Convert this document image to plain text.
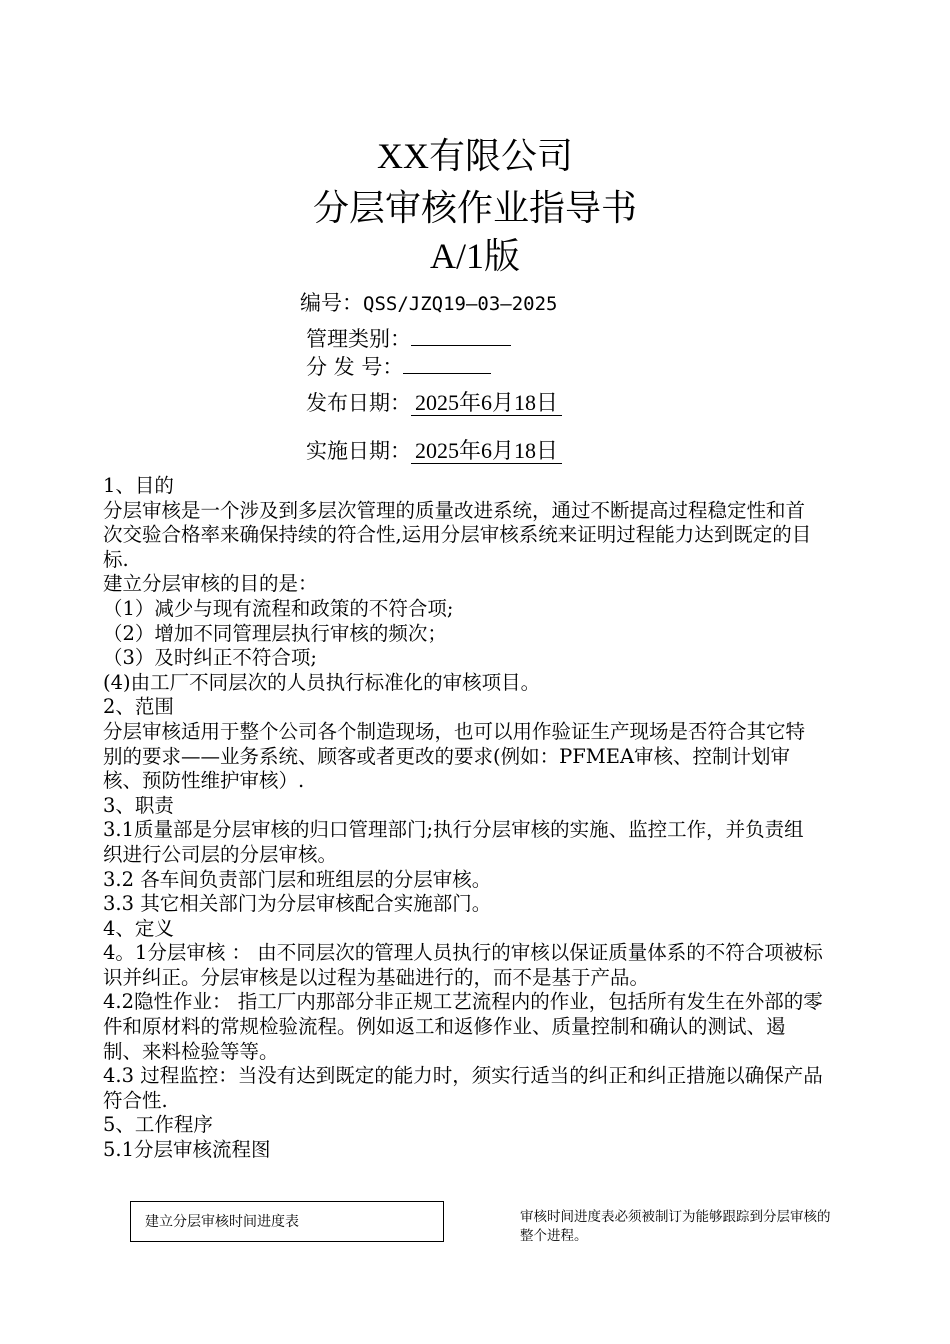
XX有限公司
分层审核作业指导书
A/1版
编号：QSS/JZQ19—03—2025
管理类别：
分 发 号：
发布日期： 2025年6月18日
实施日期： 2025年6月18日

1、目的

分层审核是一个涉及到多层次管理的质量改进系统，通过不断提高过程稳定性和首次交验合格率来确保持续的符合性,运用分层审核系统来证明过程能力达到既定的目标.

建立分层审核的目的是：

（1）减少与现有流程和政策的不符合项;

（2）增加不同管理层执行审核的频次；

（3）及时纠正不符合项;

(4)由工厂不同层次的人员执行标准化的审核项目。

2、范围

分层审核适用于整个公司各个制造现场，也可以用作验证生产现场是否符合其它特别的要求——业务系统、顾客或者更改的要求(例如：PFMEA审核、控制计划审核、预防性维护审核）.

3、职责

3.1质量部是分层审核的归口管理部门;执行分层审核的实施、监控工作，并负责组织进行公司层的分层审核。

3.2 各车间负责部门层和班组层的分层审核。

3.3 其它相关部门为分层审核配合实施部门。

4、定义

4。1分层审核 ： 由不同层次的管理人员执行的审核以保证质量体系的不符合项被标识并纠正。分层审核是以过程为基础进行的，而不是基于产品。

4.2隐性作业： 指工厂内那部分非正规工艺流程内的作业，包括所有发生在外部的零件和原材料的常规检验流程。例如返工和返修作业、质量控制和确认的测试、遏制、来料检验等等。

4.3 过程监控：当没有达到既定的能力时，须实行适当的纠正和纠正措施以确保产品符合性.

5、工作程序

5.1分层审核流程图

建立分层审核时间进度表	审核时间进度表必须被制订为能够跟踪到分层审核的整个进程。
